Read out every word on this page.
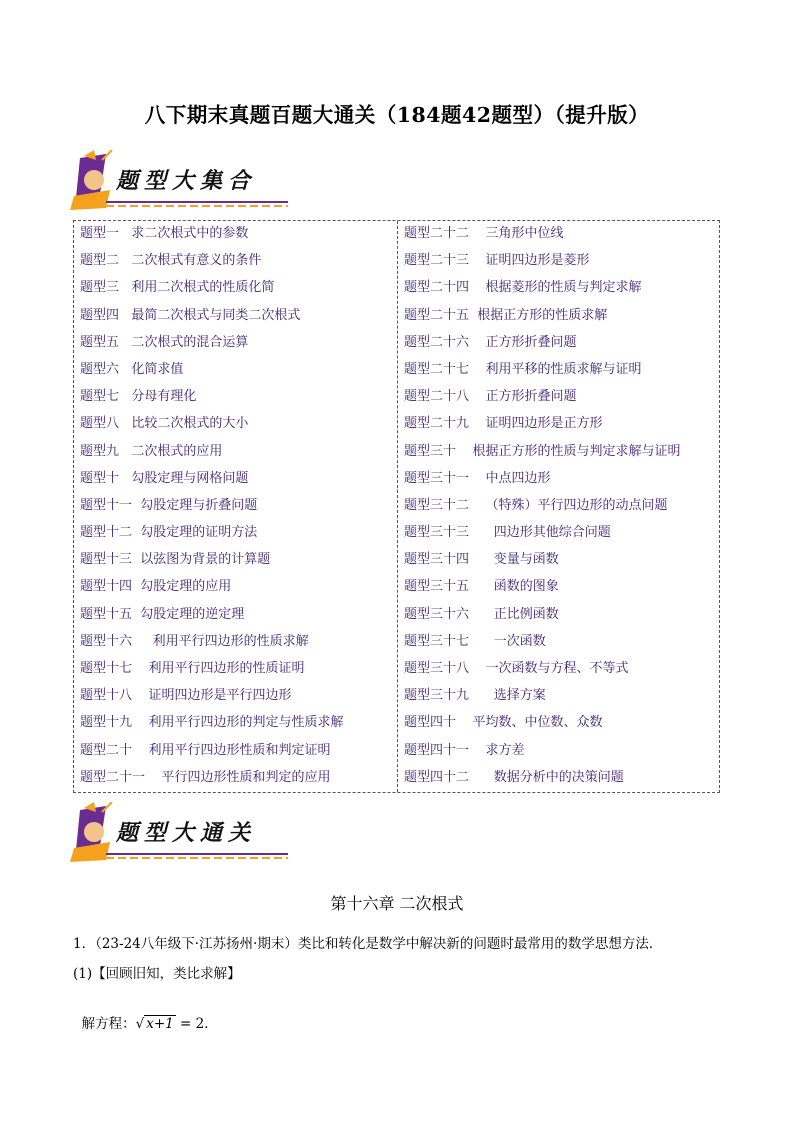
八下期末真题百题大通关（184题42题型）（提升版）
题型大集合
题型一   求二次根式中的参数
题型二   二次根式有意义的条件
题型三   利用二次根式的性质化简
题型四   最简二次根式与同类二次根式
题型五   二次根式的混合运算
题型六   化简求值
题型七   分母有理化
题型八   比较二次根式的大小
题型九   二次根式的应用
题型十   勾股定理与网格问题
题型十一  勾股定理与折叠问题
题型十二  勾股定理的证明方法
题型十三  以弦图为背景的计算题
题型十四  勾股定理的应用
题型十五  勾股定理的逆定理
题型十六     利用平行四边形的性质求解
题型十七    利用平行四边形的性质证明
题型十八    证明四边形是平行四边形
题型十九    利用平行四边形的判定与性质求解
题型二十    利用平行四边形性质和判定证明
题型二十一    平行四边形性质和判定的应用
题型二十二    三角形中位线
题型二十三    证明四边形是菱形
题型二十四    根据菱形的性质与判定求解
题型二十五  根据正方形的性质求解
题型二十六    正方形折叠问题
题型二十七    利用平移的性质求解与证明
题型二十八    正方形折叠问题
题型二十九    证明四边形是正方形
题型三十    根据正方形的性质与判定求解与证明
题型三十一    中点四边形
题型三十二    （特殊）平行四边形的动点问题
题型三十三      四边形其他综合问题
题型三十四      变量与函数
题型三十五      函数的图象
题型三十六      正比例函数
题型三十七      一次函数
题型三十八    一次函数与方程、不等式
题型三十九      选择方案
题型四十    平均数、中位数、众数
题型四十一    求方差
题型四十二      数据分析中的决策问题
题型大通关
第十六章 二次根式
1．（23-24八年级下·江苏扬州·期末）类比和转化是数学中解决新的问题时最常用的数学思想方法．
(1)【回顾旧知，类比求解】

解方程：√ x+1 = 2．
